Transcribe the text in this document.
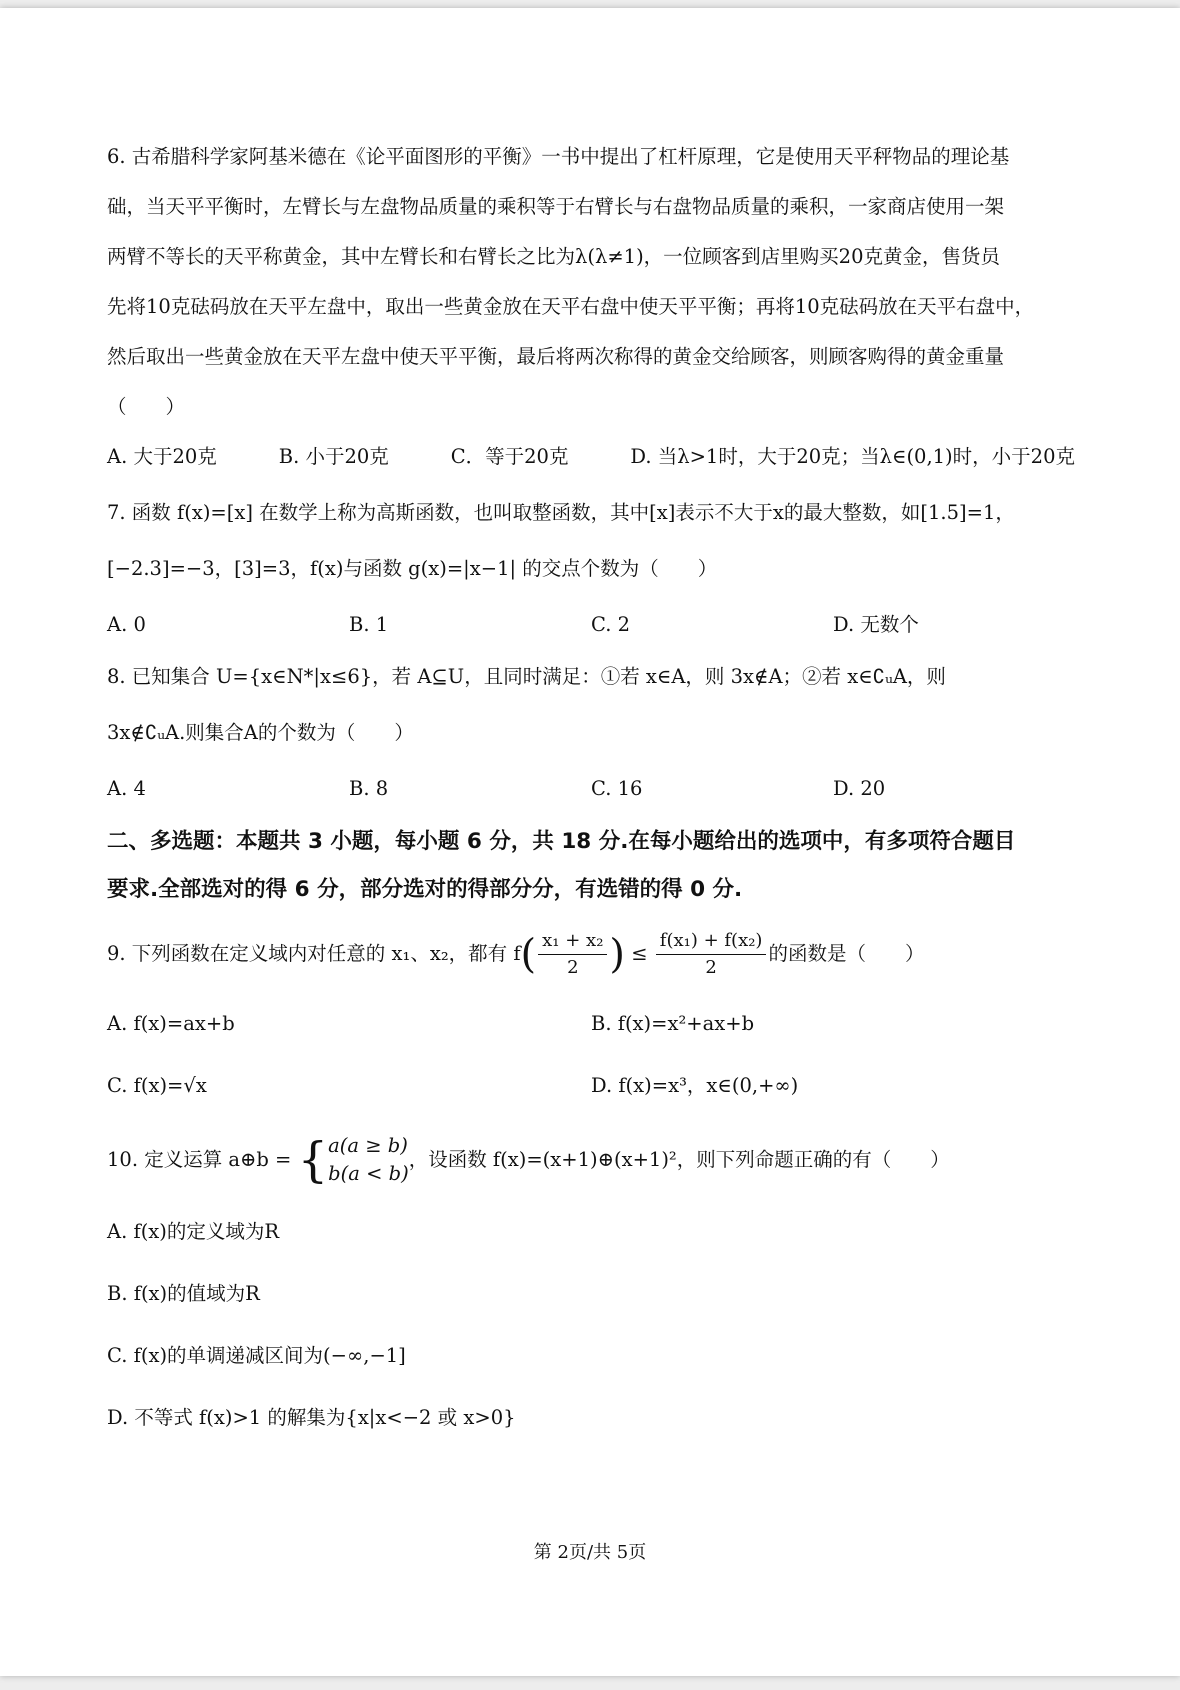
6. 古希腊科学家阿基米德在《论平面图形的平衡》一书中提出了杠杆原理，它是使用天平秤物品的理论基

础，当天平平衡时，左臂长与左盘物品质量的乘积等于右臂长与右盘物品质量的乘积，一家商店使用一架

两臂不等长的天平称黄金，其中左臂长和右臂长之比为λ(λ≠1)，一位顾客到店里购买20克黄金，售货员

先将10克砝码放在天平左盘中，取出一些黄金放在天平右盘中使天平平衡；再将10克砝码放在天平右盘中，

然后取出一些黄金放在天平左盘中使天平平衡，最后将两次称得的黄金交给顾客，则顾客购得的黄金重量

（　　）

A. 大于20克	B. 小于20克	C．等于20克	D. 当λ>1时，大于20克；当λ∈(0,1)时，小于20克

7. 函数 f(x)=[x] 在数学上称为高斯函数，也叫取整函数，其中[x]表示不大于x的最大整数，如[1.5]=1，

[−2.3]=−3，[3]=3，f(x)与函数 g(x)=|x−1| 的交点个数为（　　）

A. 0	B. 1	C. 2	D. 无数个

8. 已知集合 U={x∈N*|x≤6}，若 A⊆U，且同时满足：①若 x∈A，则 3x∉A；②若 x∈∁ᵤA，则

3x∉∁ᵤA.则集合A的个数为（　　）

A. 4	B. 8	C. 16	D. 20

二、多选题：本题共 3 小题，每小题 6 分，共 18 分.在每小题给出的选项中，有多项符合题目

要求.全部选对的得 6 分，部分选对的得部分分，有选错的得 0 分.

9. 下列函数在定义域内对任意的 x₁、x₂，都有 $f( \frac{\text{x₁ + x₂}}{2}$ ) ≤ $\frac{\text{f(x₁) + f(x₂)}}{2}$ 的函数是（　　）
A. f(x)=ax+b	B. f(x)=x²+ax+b
C. f(x)=√x	D. f(x)=x³，x∈(0,+∞)
10. 定义运算 a⊕b = { a(a ≥ b)
b(a < b)
，设函数 f(x)=(x+1)⊕(x+1)²，则下列命题正确的有（　　）
A. f(x)的定义域为R
B. f(x)的值域为R
C. f(x)的单调递减区间为(−∞,−1]
D. 不等式 f(x)>1 的解集为{x|x<−2 或 x>0}
第 2页/共 5页
